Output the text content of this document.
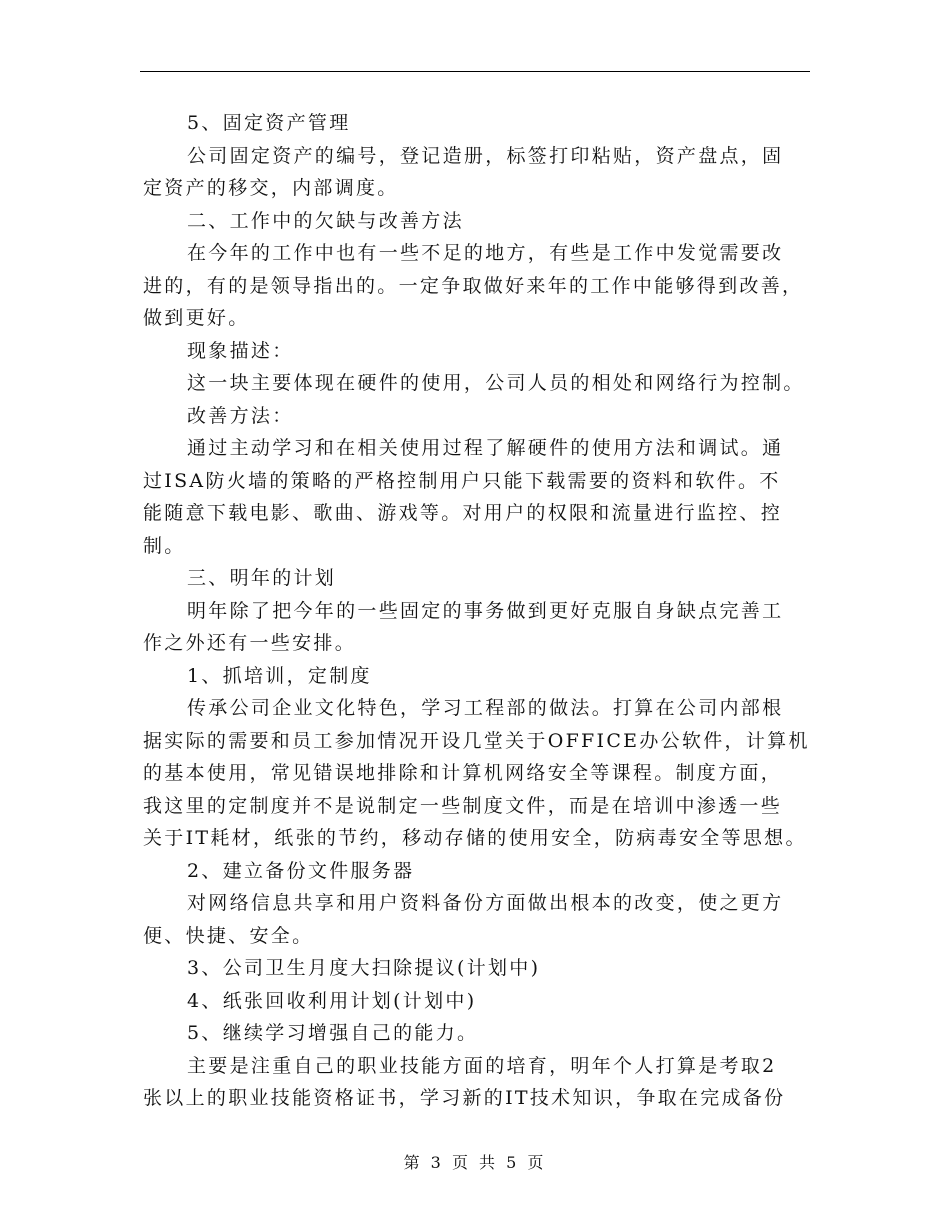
5、固定资产管理

公司固定资产的编号，登记造册，标签打印粘贴，资产盘点，固

定资产的移交，内部调度。

二、工作中的欠缺与改善方法

在今年的工作中也有一些不足的地方，有些是工作中发觉需要改

进的，有的是领导指出的。一定争取做好来年的工作中能够得到改善，

做到更好。

现象描述：

这一块主要体现在硬件的使用，公司人员的相处和网络行为控制。

改善方法：

通过主动学习和在相关使用过程了解硬件的使用方法和调试。通

过ISA防火墙的策略的严格控制用户只能下载需要的资料和软件。不

能随意下载电影、歌曲、游戏等。对用户的权限和流量进行监控、控

制。

三、明年的计划

明年除了把今年的一些固定的事务做到更好克服自身缺点完善工

作之外还有一些安排。

1、抓培训，定制度

传承公司企业文化特色，学习工程部的做法。打算在公司内部根

据实际的需要和员工参加情况开设几堂关于OFFICE办公软件，计算机

的基本使用，常见错误地排除和计算机网络安全等课程。制度方面，

我这里的定制度并不是说制定一些制度文件，而是在培训中渗透一些

关于IT耗材，纸张的节约，移动存储的使用安全，防病毒安全等思想。

2、建立备份文件服务器

对网络信息共享和用户资料备份方面做出根本的改变，使之更方

便、快捷、安全。

3、公司卫生月度大扫除提议(计划中)

4、纸张回收利用计划(计划中)

5、继续学习增强自己的能力。

主要是注重自己的职业技能方面的培育，明年个人打算是考取2

张以上的职业技能资格证书，学习新的IT技术知识，争取在完成备份

第 3 页 共 5 页
